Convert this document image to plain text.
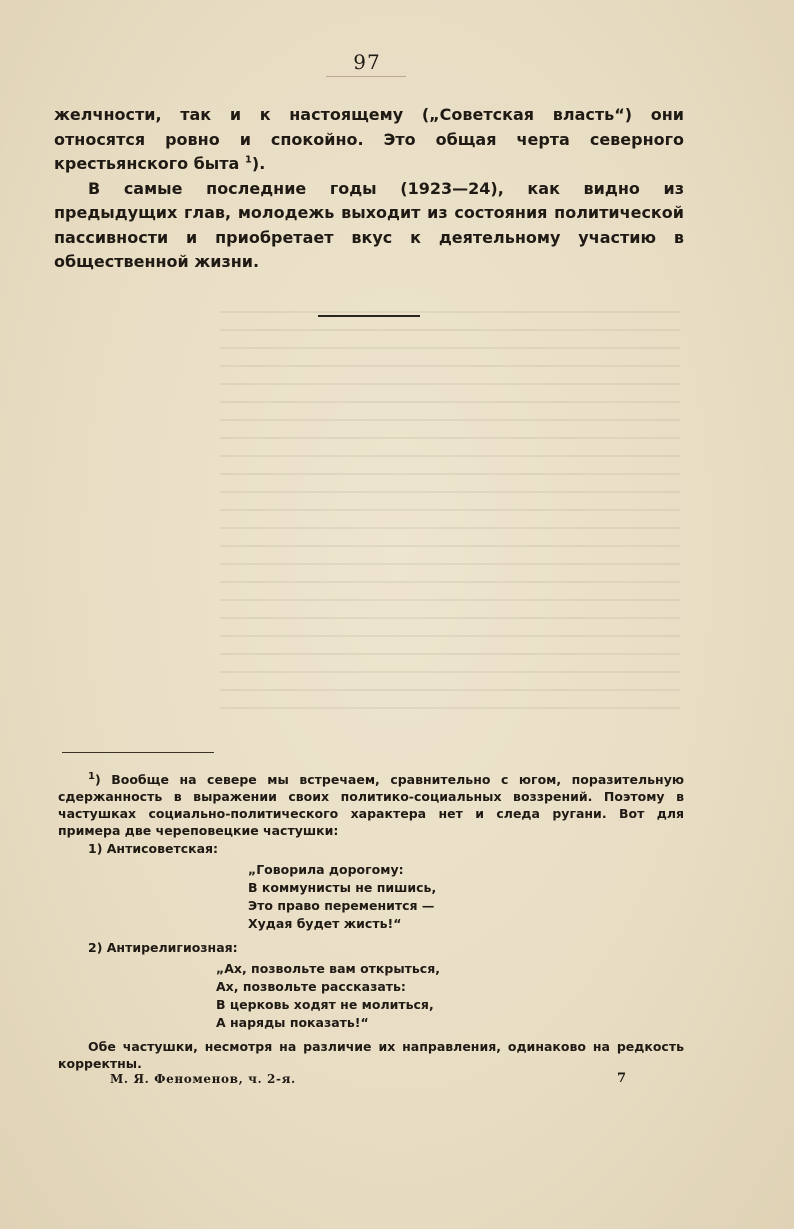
97

желчности, так и к настоящему („Советская власть“) они относятся ровно и спокойно. Это общая черта северного крестьянского быта $^1$).

В самые последние годы (1923—24), как видно из предыдущих глав, молодежь выходит из состояния политической пассивности и приобретает вкус к деятельному участию в общественной жизни.

$^1$) Вообще на севере мы встречаем, сравнительно с югом, поразительную сдержанность в выражении своих политико-социальных воззрений. Поэтому в частушках социально-политического характера нет и следа ругани. Вот для примера две череповецкие частушки:

1) Антисоветская:

„Говорила дорогому:
В коммунисты не пишись,
Это право переменится —
Худая будет жисть!“

2) Антирелигиозная:

„Ах, позвольте вам открыться,
Ах, позвольте рассказать:
В церковь ходят не молиться,
А наряды показать!“

Обе частушки, несмотря на различие их направления, одинаково на редкость корректны.

М. Я. Феноменов, ч. 2-я.	7
